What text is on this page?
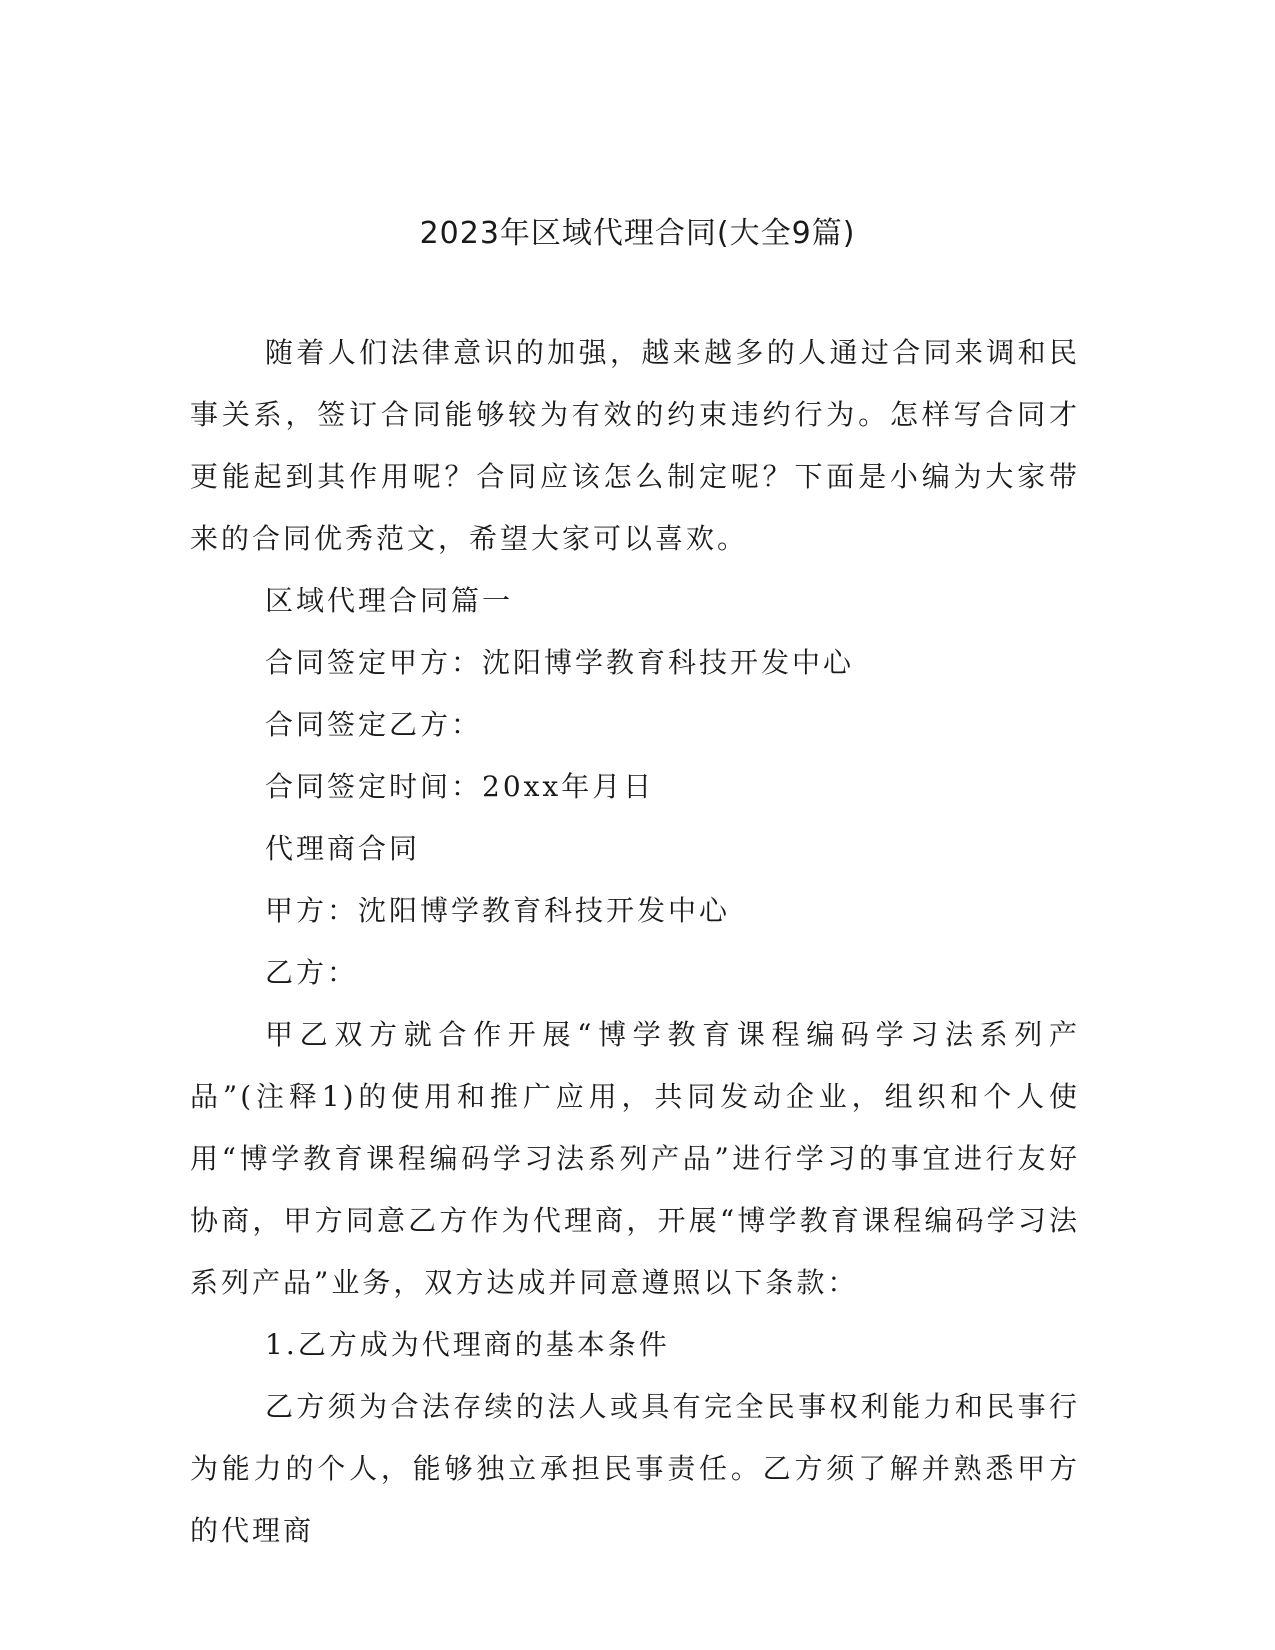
2023年区域代理合同(大全9篇)

随着人们法律意识的加强，越来越多的人通过合同来调和民事关系，签订合同能够较为有效的约束违约行为。怎样写合同才更能起到其作用呢？合同应该怎么制定呢？下面是小编为大家带来的合同优秀范文，希望大家可以喜欢。

区域代理合同篇一

合同签定甲方：沈阳博学教育科技开发中心

合同签定乙方：

合同签定时间：20xx年月日

代理商合同

甲方：沈阳博学教育科技开发中心

乙方：

甲乙双方就合作开展“博学教育课程编码学习法系列产品”(注释1)的使用和推广应用，共同发动企业，组织和个人使用“博学教育课程编码学习法系列产品”进行学习的事宜进行友好协商，甲方同意乙方作为代理商，开展“博学教育课程编码学习法系列产品”业务，双方达成并同意遵照以下条款：

1.乙方成为代理商的基本条件

乙方须为合法存续的法人或具有完全民事权利能力和民事行为能力的个人，能够独立承担民事责任。乙方须了解并熟悉甲方的代理商
